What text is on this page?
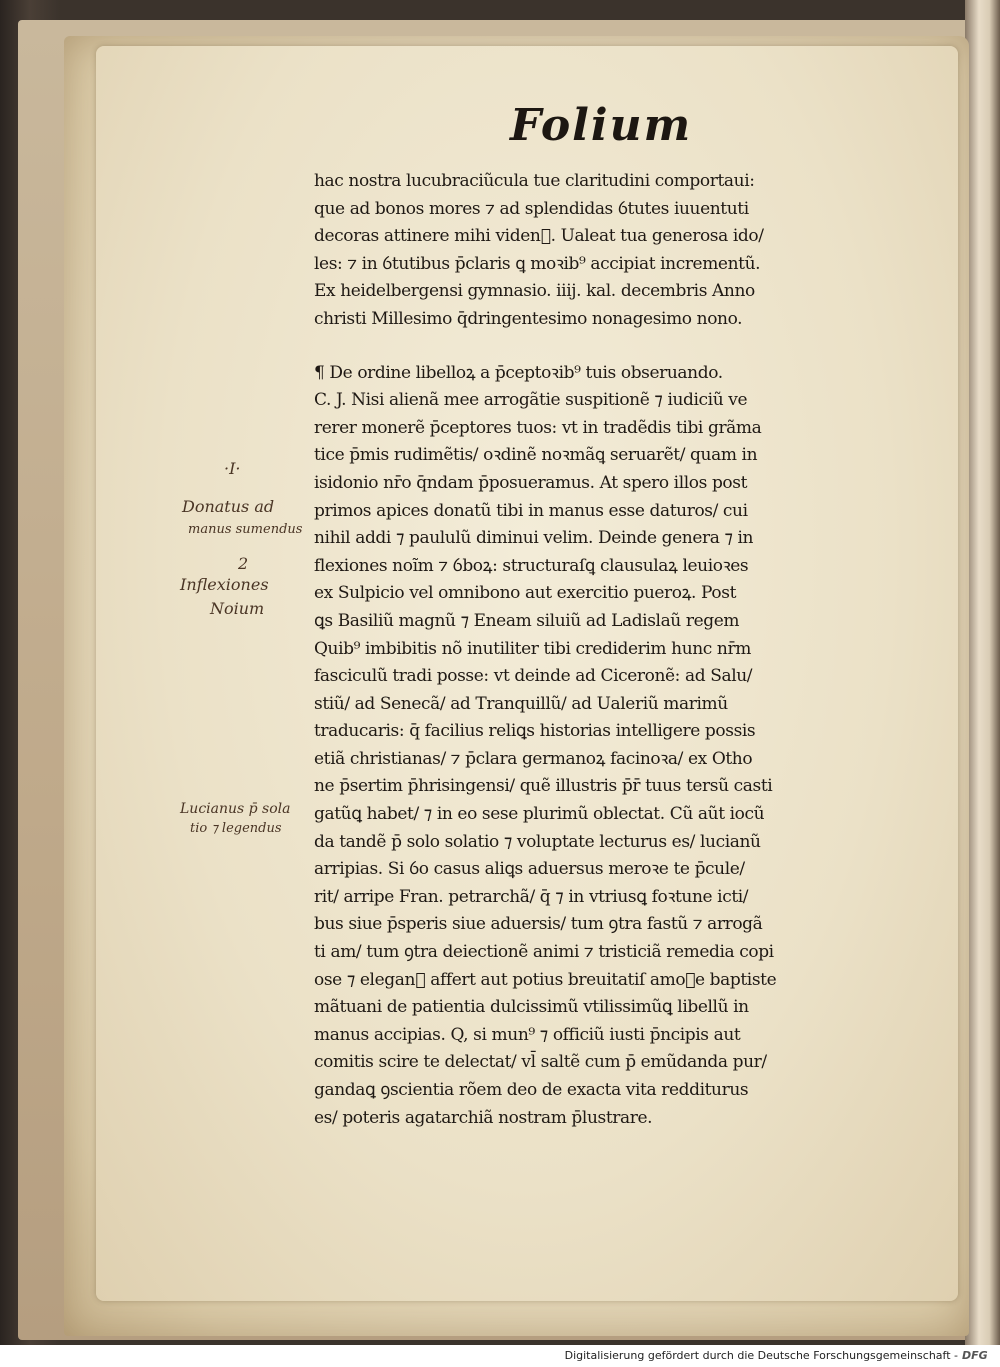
Folium
hac nostra lucubraciũcula tue claritudini comportaui:
que ad bonos mores ⁊ ad splendidas ỽtutes iuuentuti
decoras attinere mihi videnᷓ. Ualeat tua generosa ido/
les: ⁊ in ỽtutibus p̄claris ꝗ moꝛib⁹ accipiat incrementũ.
Ex heidelbergensi gymnasio. iiij. kal. decembris Anno
christi Millesimo q̄dringentesimo nonagesimo nono.
¶ De ordine libelloꝝ a p̄ceptoꝛib⁹ tuis obseruando.
C. J. Nisi alienã mee arrogãtie suspitionẽ ⁊ iudiciũ ve
rerer monerẽ p̄ceptores tuos: vt in tradẽdis tibi grãma
tice p̄mis rudimẽtis/ oꝛdinẽ noꝛmãꝗ seruarẽt/ quam in
isidonio nr̄o q̄ndam p̄posueramus. At spero illos post
primos apices donatũ tibi in manus esse daturos/ cui
nihil addi ⁊ paululũ diminui velim. Deinde genera ⁊ in
flexiones noĩm ⁊ ỽboꝝ: structuraſꝗ clausulaꝝ leuioꝛes
ex Sulpicio vel omnibono aut exercitio pueroꝝ. Post
ꝗs Basiliũ magnũ ⁊ Eneam siluiũ ad Ladislaũ regem
Quib⁹ imbibitis nõ inutiliter tibi crediderim hunc nr̄m
fasciculũ tradi posse: vt deinde ad Ciceronẽ: ad Salu/
stiũ/ ad Senecã/ ad Tranquillũ/ ad Ualeriũ marimũ
traducaris: q̄ facilius reliꝗs historias intelligere possis
etiã christianas/ ⁊ p̄clara germanoꝝ facinoꝛa/ ex Otho
ne p̄sertim p̄hrisingensi/ quẽ illustris p̄r̄ tuus tersũ casti
gatũꝗ habet/ ⁊ in eo sese plurimũ oblectat. Cũ aũt iocũ
da tandẽ p̄ solo solatio ⁊ voluptate lecturus es/ lucianũ
arripias. Si ỽo casus aliꝗs aduersus meroꝛe te p̄cule/
rit/ arripe Fran. petrarchã/ q̄ ⁊ in vtriusꝗ foꝛtune icti/
bus siue p̄speris siue aduersis/ tum ꝯtra fastũ ⁊ arrogã
ti am/ tum ꝯtra deiectionẽ animi ⁊ tristiciã remedia copi
ose ⁊ eleganᷓ affert aut potius breuitatiſ amoꝛe baptiste
mãtuani de patientia dulcissimũ vtilissimũꝗ libellũ in
manus accipias. Q, si mun⁹ ⁊ officiũ iusti p̄ncipis aut
comitis scire te delectat/ vl̄ saltẽ cum p̄ emũdanda pur/
gandaꝗ ꝯscientia rõem deo de exacta vita redditurus
es/ poteris agatarchiã nostram p̄lustrare.
·I·
Donatus ad
manus sumendus
2
Inflexiones
Noium
Lucianus p̄ sola
tio ⁊ legendus
Digitalisierung gefördert durch die Deutsche Forschungsgemeinschaft - DFG
